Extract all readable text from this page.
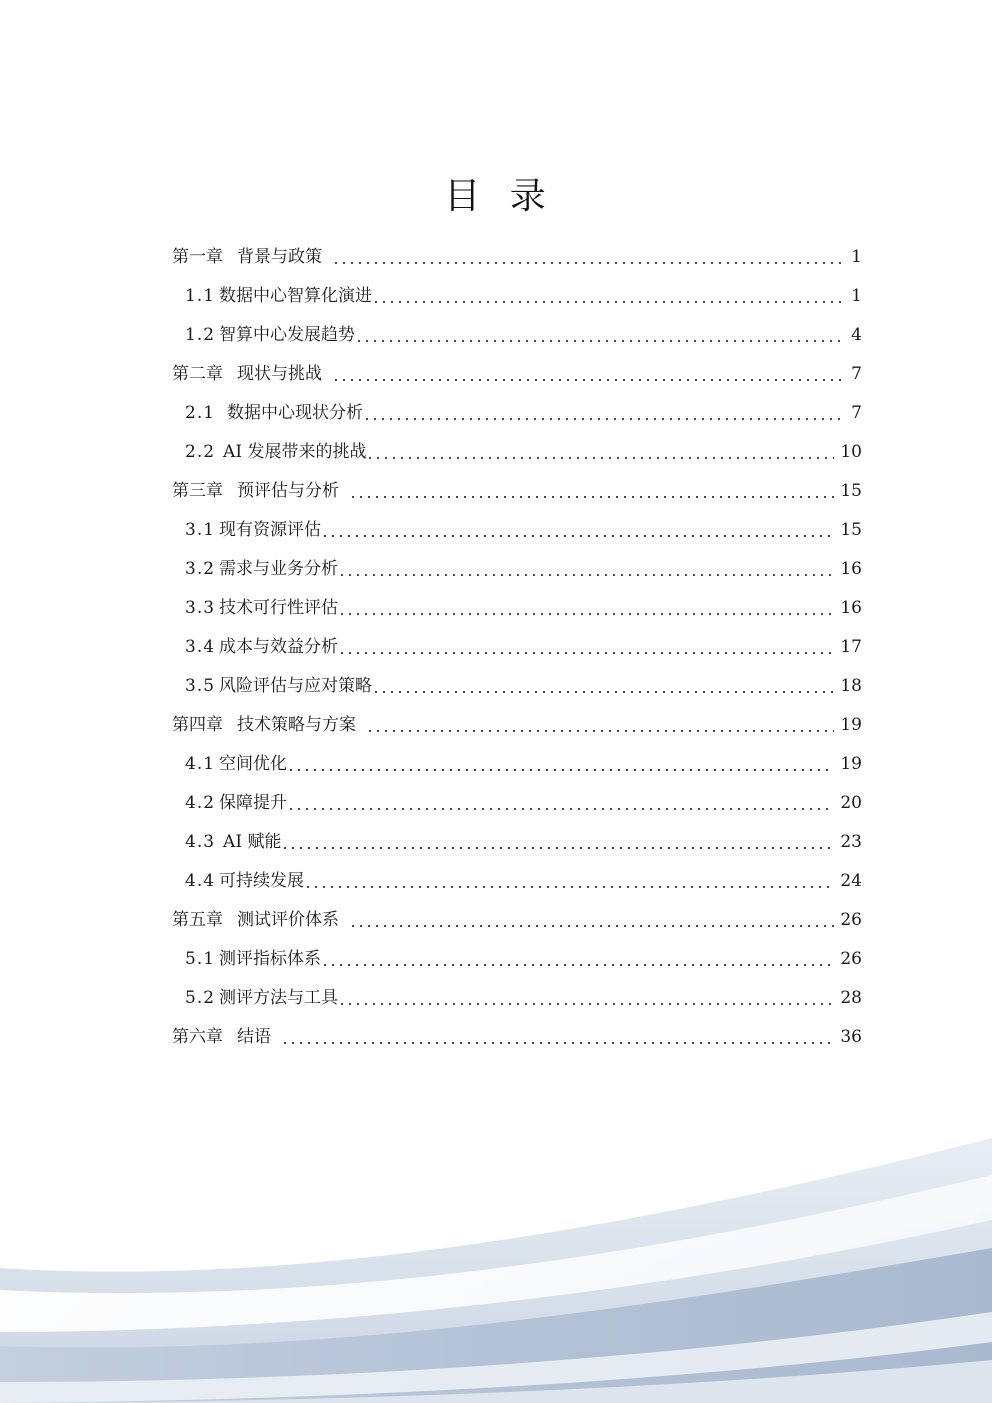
目 录
第一章 背景与政策	1
1.1 数据中心智算化演进	1
1.2 智算中心发展趋势	4
第二章 现状与挑战	7
2.1 数据中心现状分析	7
2.2 AI 发展带来的挑战	10
第三章 预评估与分析	15
3.1 现有资源评估	15
3.2 需求与业务分析	16
3.3 技术可行性评估	16
3.4 成本与效益分析	17
3.5 风险评估与应对策略	18
第四章 技术策略与方案	19
4.1 空间优化	19
4.2 保障提升	20
4.3 AI 赋能	23
4.4 可持续发展	24
第五章 测试评价体系	26
5.1 测评指标体系	26
5.2 测评方法与工具	28
第六章 结语	36
